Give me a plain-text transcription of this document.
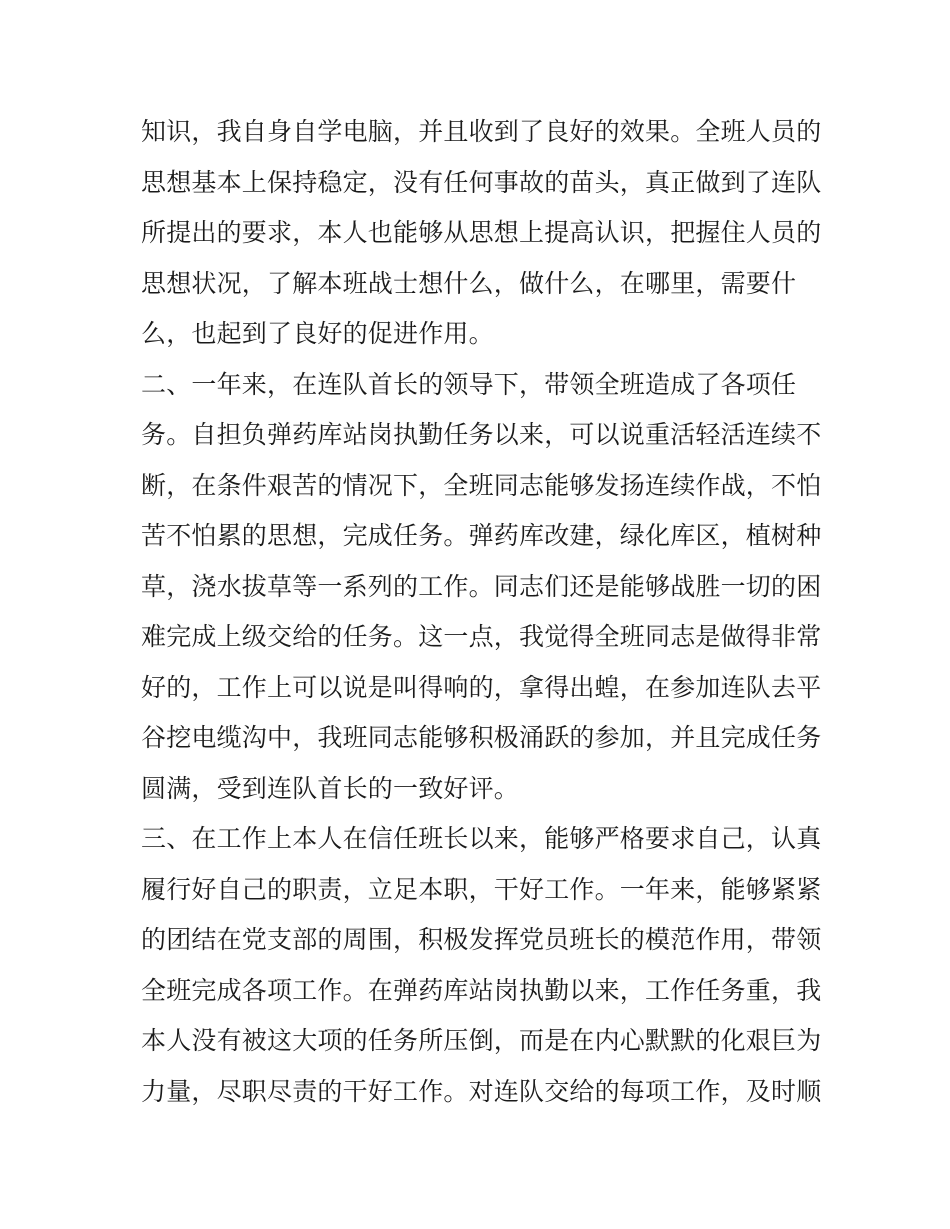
知识，我自身自学电脑，并且收到了良好的效果。全班人员的
思想基本上保持稳定，没有任何事故的苗头，真正做到了连队
所提出的要求，本人也能够从思想上提高认识，把握住人员的
思想状况，了解本班战士想什么，做什么，在哪里，需要什
么，也起到了良好的促进作用。
二、一年来，在连队首长的领导下，带领全班造成了各项任
务。自担负弹药库站岗执勤任务以来，可以说重活轻活连续不
断，在条件艰苦的情况下，全班同志能够发扬连续作战，不怕
苦不怕累的思想，完成任务。弹药库改建，绿化库区，植树种
草，浇水拔草等一系列的工作。同志们还是能够战胜一切的困
难完成上级交给的任务。这一点，我觉得全班同志是做得非常
好的，工作上可以说是叫得响的，拿得出蝗，在参加连队去平
谷挖电缆沟中，我班同志能够积极涌跃的参加，并且完成任务
圆满，受到连队首长的一致好评。
三、在工作上本人在信任班长以来，能够严格要求自己，认真
履行好自己的职责，立足本职，干好工作。一年来，能够紧紧
的团结在党支部的周围，积极发挥党员班长的模范作用，带领
全班完成各项工作。在弹药库站岗执勤以来，工作任务重，我
本人没有被这大项的任务所压倒，而是在内心默默的化艰巨为
力量，尽职尽责的干好工作。对连队交给的每项工作，及时顺
